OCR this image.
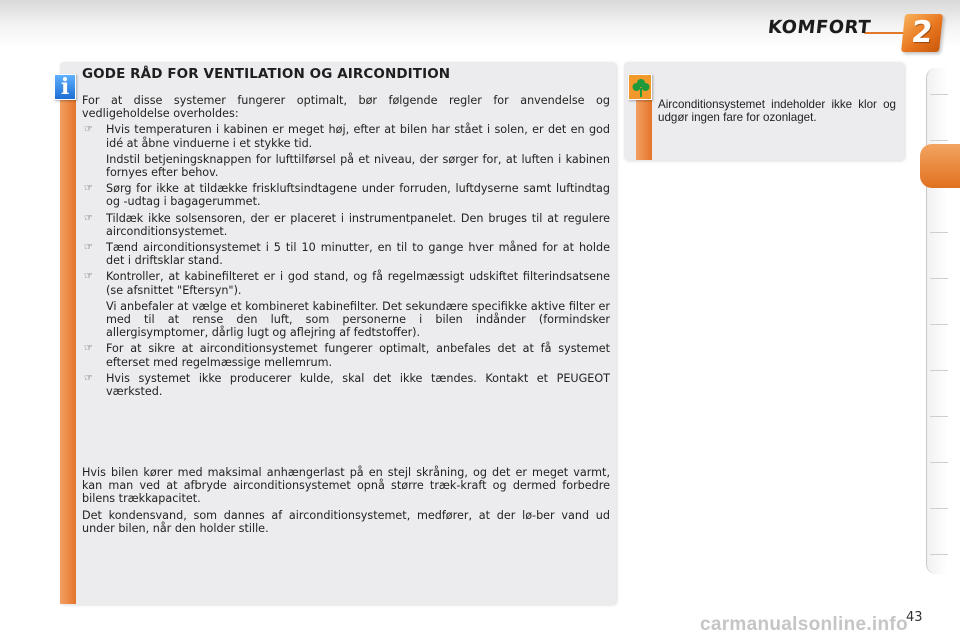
KOMFORT 2
i GODE RÅD FOR VENTILATION OG AIRCONDITION

For at disse systemer fungerer optimalt, bør følgende regler for anvendelse og vedligeholdelse overholdes:

☞	Hvis temperaturen i kabinen er meget høj, efter at bilen har stået i solen, er det en god idé at åbne vinduerne i et stykke tid.

Indstil betjeningsknappen for lufttilførsel på et niveau, der sørger for, at luften i kabinen fornyes efter behov.

☞	Sørg for ikke at tildække friskluftsindtagene under forruden, luftdyserne samt luftindtag og -udtag i bagagerummet.
☞	Tildæk ikke solsensoren, der er placeret i instrumentpanelet. Den bruges til at regulere airconditionsystemet.
☞	Tænd airconditionsystemet i 5 til 10 minutter, en til to gange hver måned for at holde det i driftsklar stand.
☞	Kontroller, at kabinefilteret er i god stand, og få regelmæssigt udskiftet filterindsatsene (se afsnittet "Eftersyn").

Vi anbefaler at vælge et kombineret kabinefilter. Det sekundære specifikke aktive filter er med til at rense den luft, som personerne i bilen indånder (formindsker allergisymptomer, dårlig lugt og aflejring af fedtstoffer).

☞	For at sikre at airconditionsystemet fungerer optimalt, anbefales det at få systemet efterset med regelmæssige mellemrum.
☞	Hvis systemet ikke producerer kulde, skal det ikke tændes. Kontakt et PEUGEOT værksted.

Hvis bilen kører med maksimal anhængerlast på en stejl skråning, og det er meget varmt, kan man ved at afbryde airconditionsystemet opnå større træk-kraft og dermed forbedre bilens trækkapacitet.

Det kondensvand, som dannes af airconditionsystemet, medfører, at der lø-ber vand ud under bilen, når den holder stille.

Airconditionsystemet indeholder ikke klor og udgør ingen fare for ozonlaget.
carmanualsonline.info
43
